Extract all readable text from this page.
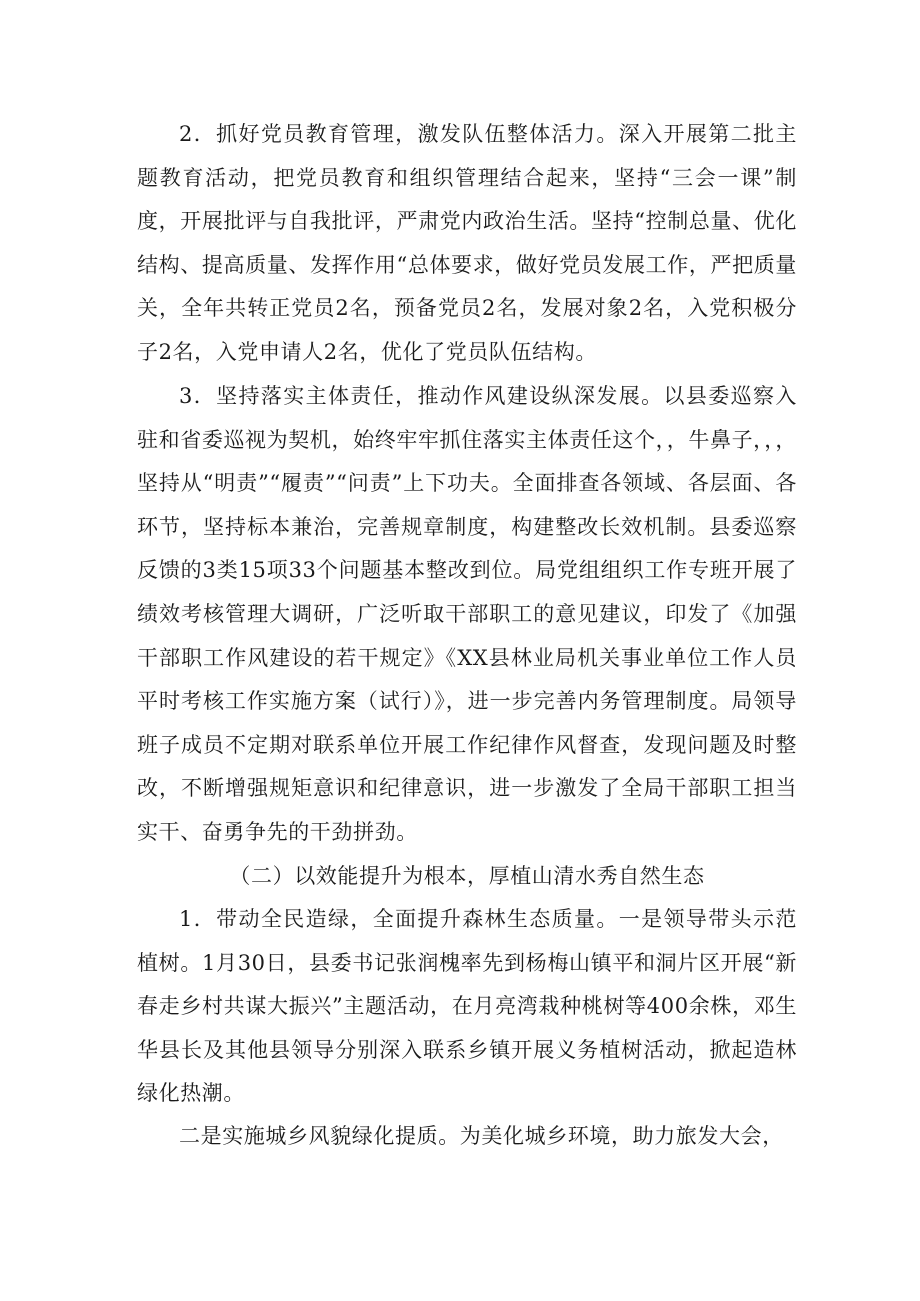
2．抓好党员教育管理，激发队伍整体活力。深入开展第二批主题教育活动，把党员教育和组织管理结合起来，坚持“三会一课”制度，开展批评与自我批评，严肃党内政治生活。坚持“控制总量、优化结构、提高质量、发挥作用“总体要求，做好党员发展工作，严把质量关，全年共转正党员2名，预备党员2名，发展对象2名，入党积极分子2名，入党申请人2名，优化了党员队伍结构。

3．坚持落实主体责任，推动作风建设纵深发展。以县委巡察入驻和省委巡视为契机，始终牢牢抓住落实主体责任这个，，牛鼻子，，，坚持从“明责”“履责”“问责”上下功夫。全面排查各领域、各层面、各环节，坚持标本兼治，完善规章制度，构建整改长效机制。县委巡察反馈的3类15项33个问题基本整改到位。局党组组织工作专班开展了绩效考核管理大调研，广泛听取干部职工的意见建议，印发了《加强干部职工作风建设的若干规定》《XX县林业局机关事业单位工作人员平时考核工作实施方案（试行）》，进一步完善内务管理制度。局领导班子成员不定期对联系单位开展工作纪律作风督查，发现问题及时整改，不断增强规矩意识和纪律意识，进一步激发了全局干部职工担当实干、奋勇争先的干劲拼劲。

（二）以效能提升为根本，厚植山清水秀自然生态

1．带动全民造绿，全面提升森林生态质量。一是领导带头示范植树。1月30日，县委书记张润槐率先到杨梅山镇平和洞片区开展“新春走乡村共谋大振兴”主题活动，在月亮湾栽种桃树等400余株，邓生华县长及其他县领导分别深入联系乡镇开展义务植树活动，掀起造林绿化热潮。

二是实施城乡风貌绿化提质。为美化城乡环境，助力旅发大会，
